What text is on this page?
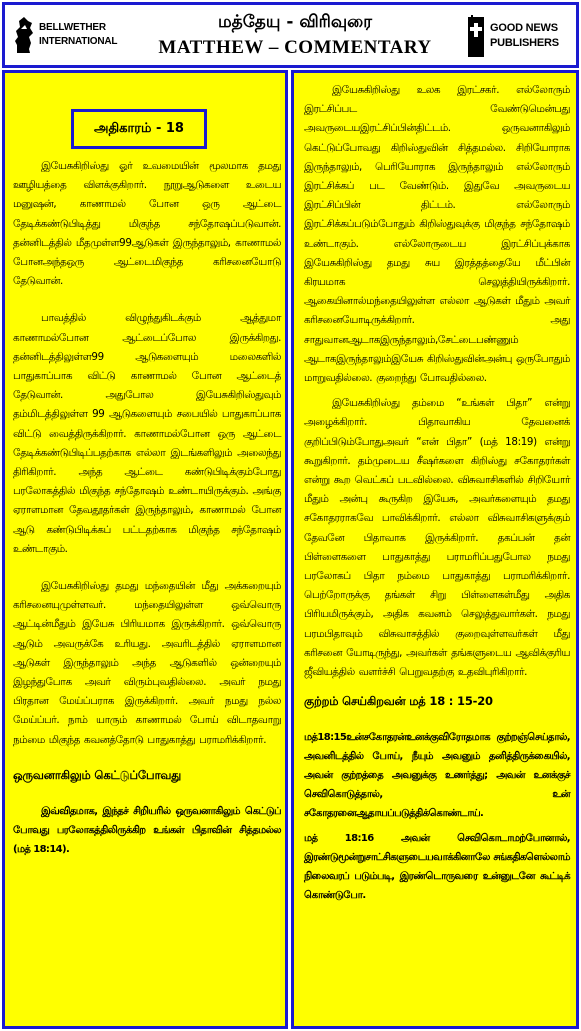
BELLWETHER
INTERNATIONAL
மத்தேயு - விரிவுரை
MATTHEW – COMMENTARY
GOOD NEWS
PUBLISHERS
அதிகாரம் - 18
இயேசுகிறிஸ்து ஓர் உவமையின் மூலமாக தமது ஊழியத்தை விளக்குகிறார். நூறுஆடுகளை உடைய மனுஷன், காணாமல் போன ஒரு ஆட்டை தேடிக்கண்டுபிடித்து மிகுந்த சந்தோஷப்படுவான். தன்னிடத்தில் மீதமுள்ள99ஆடுகள் இருந்தாலும், காணாமல் போனஅந்தஒரு ஆட்டைமிகுந்த கரிசனையோடு தேடுவான்.
பாவத்தில் விழுந்துகிடக்கும் ஆத்துமா காணாமல்போன ஆட்டைப்போல இருக்கிறது. தன்னிடத்திலுள்ள99 ஆடுகளையும் மலைகளில் பாதுகாப்பாக விட்டு காணாமல் போன ஆட்டைத் தேடுவான். அதுபோல இயேசுகிறிஸ்துவும் தம்மிடத்திலுள்ள 99 ஆடுகளையும் சபையில் பாதுகாப்பாக விட்டு வைத்திருக்கிறார். காணாமல்போன ஒரு ஆட்டை தேடிக்கண்டுபிடிப்பதற்காக எல்லா இடங்களிலும் அலைந்து திரிகிறார். அந்த ஆட்டை கண்டுபிடிக்கும்போது பரலோகத்தில் மிகுந்த சந்தோஷம் உண்டாயிருக்கும். அங்கு ஏராளமான தேவதூதர்கள் இருந்தாலும், காணாமல் போன ஆடு கண்டுபிடிக்கப் பட்டதற்காக மிகுந்த சந்தோஷம் உண்டாகும்.
இயேசுகிறிஸ்து தமது மந்தையின் மீது அக்கறையும் கரிசனையுமுள்ளவர். மந்தையிலுள்ள ஒவ்வொரு ஆட்டின்மீதும் இயேசு பிரியமாக இருக்கிறார். ஒவ்வொரு ஆடும் அவருக்கே உரியது. அவரிடத்தில் ஏராளமான ஆடுகள் இருந்தாலும் அந்த ஆடுகளில் ஒன்றையும் இழந்துபோக அவர் விரும்புவதில்லை. அவர் நமது பிரதான மேய்ப்பராக இருக்கிறார். அவர் நமது நல்ல மேய்ப்பர். நாம் யாரும் காணாமல் போய் விடாதவாறு நம்மை மிகுந்த கவனத்தோடு பாதுகாத்து பராமரிக்கிறார்.
ஒருவனாகிலும் கெட்டுப்போவது
இவ்விதமாக, இந்தச் சிறியரில் ஒருவனாகிலும் கெட்டுப் போவது பரலோகத்திலிருக்கிற உங்கள் பிதாவின் சித்தமல்ல (மத் 18:14).
இயேசுகிறிஸ்து உலக இரட்சகர். எல்லோரும் இரட்சிப்பட வேண்டுமென்பது அவருடையஇரட்சிப்பின்திட்டம். ஒருவனாகிலும் கெட்டுப்போவது கிறிஸ்துவின் சித்தமல்ல. சிறியோராக இருந்தாலும், பெரியோராக இருந்தாலும் எல்லோரும் இரட்சிக்கப் பட வேண்டும். இதுவே அவருடைய இரட்சிப்பின் திட்டம். எல்லோரும் இரட்சிக்கப்படும்போதும் கிறிஸ்துவுக்கு மிகுந்த சந்தோஷம் உண்டாகும். எல்லோருடைய இரட்சிப்புக்காக இயேசுகிறிஸ்து தமது சுய இரத்தத்தையே மீட்பின் கிரயமாக செலுத்தியிருக்கிறார். ஆகையினால்மந்தையிலுள்ள எல்லா ஆடுகள் மீதும் அவர் கரிசனையோடிருக்கிறார். அது சாதுவானஆடாகஇருந்தாலும்,சேட்டைபண்ணும் ஆடாகஇருந்தாலும்இயேசு கிறிஸ்துவின்அன்பு ஒருபோதும் மாறுவதில்லை. குறைந்து போவதில்லை.
இயேசுகிறிஸ்து தம்மை “உங்கள் பிதா” என்று அழைக்கிறார். பிதாவாகிய தேவனைக் குறிப்பிடும்போதுஅவர் “என் பிதா” (மத் 18:19) என்று கூறுகிறார். தம்முடைய சீஷர்களை கிறிஸ்து சகோதரர்கள் என்று கூற வெட்கப் படவில்லை. விசுவாசிகளில் சிறியோர் மீதும் அன்பு கூருகிற இயேசு, அவர்களையும் தமது சகோதரராகவே பாவிக்கிறார். எல்லா விசுவாசிகளுக்கும் தேவனே பிதாவாக இருக்கிறார். தகப்பன் தன் பிள்ளைகளை பாதுகாத்து பராமரிப்பதுபோல நமது பரலோகப் பிதா நம்மை பாதுகாத்து பராமரிக்கிறார். பெற்றோருக்கு தங்கள் சிறு பிள்ளைகள்மீது அதிக பிரியமிருக்கும், அதிக கவனம் செலுத்துவார்கள். நமது பரமபிதாவும் விசுவாசத்தில் குறைவுள்ளவர்கள் மீது கரிசனை யோடிருந்து, அவர்கள் தங்களுடைய ஆவிக்குரிய ஜீவியத்தில் வளர்ச்சி பெறுவதற்கு உதவிபுரிகிறார்.
குற்றம் செய்கிறவன் மத் 18 : 15-20
மத்18:15உன்சகோதரன்உனக்குவிரோதமாக குற்றஞ்செய்தால், அவனிடத்தில் போய், நீயும் அவனும் தனித்திருக்கையில், அவன் குற்றத்தை அவனுக்கு உணர்த்து; அவன் உனக்குச் செவிகொடுத்தால், உன் சகோதரனைஆதாயப்படுத்திக்கொண்டாய்.
மத் 18:16 அவன் செவிகொடாமற்போனால், இரண்டுமூன்றுசாட்சிகளுடையவாக்கினாலே சங்கதிகளெல்லாம் நிலைவரப் படும்படி, இரண்டொருவரை உன்னுடனே கூட்டிக் கொண்டுபோ.
